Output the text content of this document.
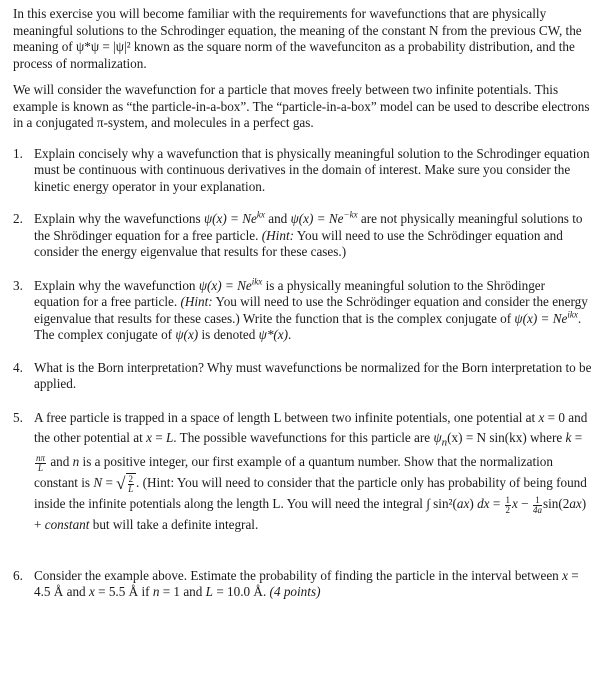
In this exercise you will become familiar with the requirements for wavefunctions that are physically meaningful solutions to the Schrodinger equation, the meaning of the constant N from the previous CW, the meaning of ψ*ψ = |ψ|² known as the square norm of the wavefunciton as a probability distribution, and the process of normalization.

We will consider the wavefunction for a particle that moves freely between two infinite potentials. This example is known as “the particle-in-a-box”. The “particle-in-a-box” model can be used to describe electrons in a conjugated π-system, and molecules in a perfect gas.

1. Explain concisely why a wavefunction that is physically meaningful solution to the Schrodinger equation must be continuous with continuous derivatives in the domain of interest. Make sure you consider the kinetic energy operator in your explanation.
2. Explain why the wavefunctions $\psi(x) = Ne^{kx}$ and $\psi(x) = Ne^{-kx}$ are not physically meaningful solutions to the Shrödinger equation for a free particle. (Hint: You will need to use the Schrödinger equation and consider the energy eigenvalue that results for these cases.)
3. Explain why the wavefunction $\psi(x) = Ne^{ikx}$ is a physically meaningful solution to the Shrödinger equation for a free particle. (Hint: You will need to use the Schrödinger equation and consider the energy eigenvalue that results for these cases.) Write the function that is the complex conjugate of $\psi(x) = Ne^{ikx}$. The complex conjugate of ψ(x) is denoted ψ*(x).
4. What is the Born interpretation? Why must wavefunctions be normalized for the Born interpretation to be applied.
5. A free particle is trapped in a space of length L between two infinite potentials, one potential at x = 0 and the other potential at x = L. The possible wavefunctions for this particle are $\psi_n(x) = N$ sin(kx) where k =
$\frac{n\pi}{L}$ and n is a positive integer, our first example of a quantum number. Show that the normalization constant is N = √ $\frac{2}{L}$ . (Hint: You will need to consider that the particle only has probability of being found inside the infinite potentials along the length L. You will need the integral ∫ sin²(ax) dx = $\frac{1}{2}$ $x - \frac{1}{4a} \sin(2ax)$ + constant but will take a definite integral.
6. Consider the example above. Estimate the probability of finding the particle in the interval between x = 4.5 Å and x = 5.5 Å if n = 1 and L = 10.0 Å. (4 points)
